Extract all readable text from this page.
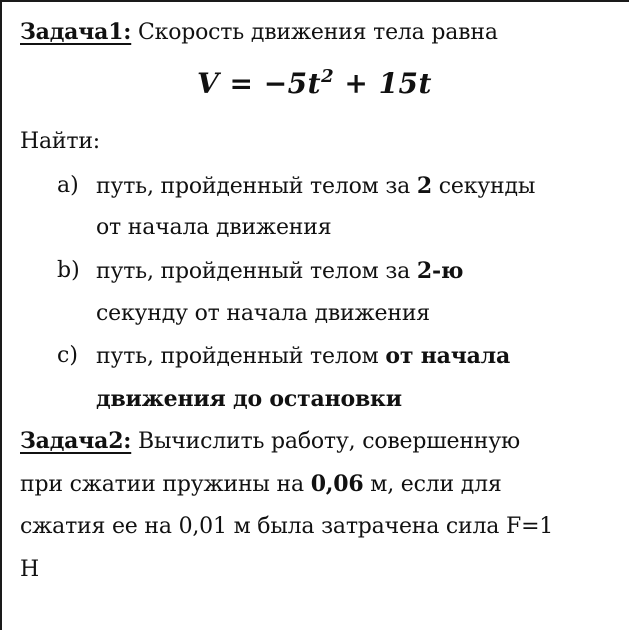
Задача1: Скорость движения тела равна
$V = -5t^2 + 15t$
Найти:
a) путь, пройденный телом за 2 секунды
от начала движения
b) путь, пройденный телом за 2-ю
секунду от начала движения
c) путь, пройденный телом от начала
движения до остановки
Задача2: Вычислить работу, совершенную
при сжатии пружины на 0,06 м, если для
сжатия ее на 0,01 м была затрачена сила F=1
Н
